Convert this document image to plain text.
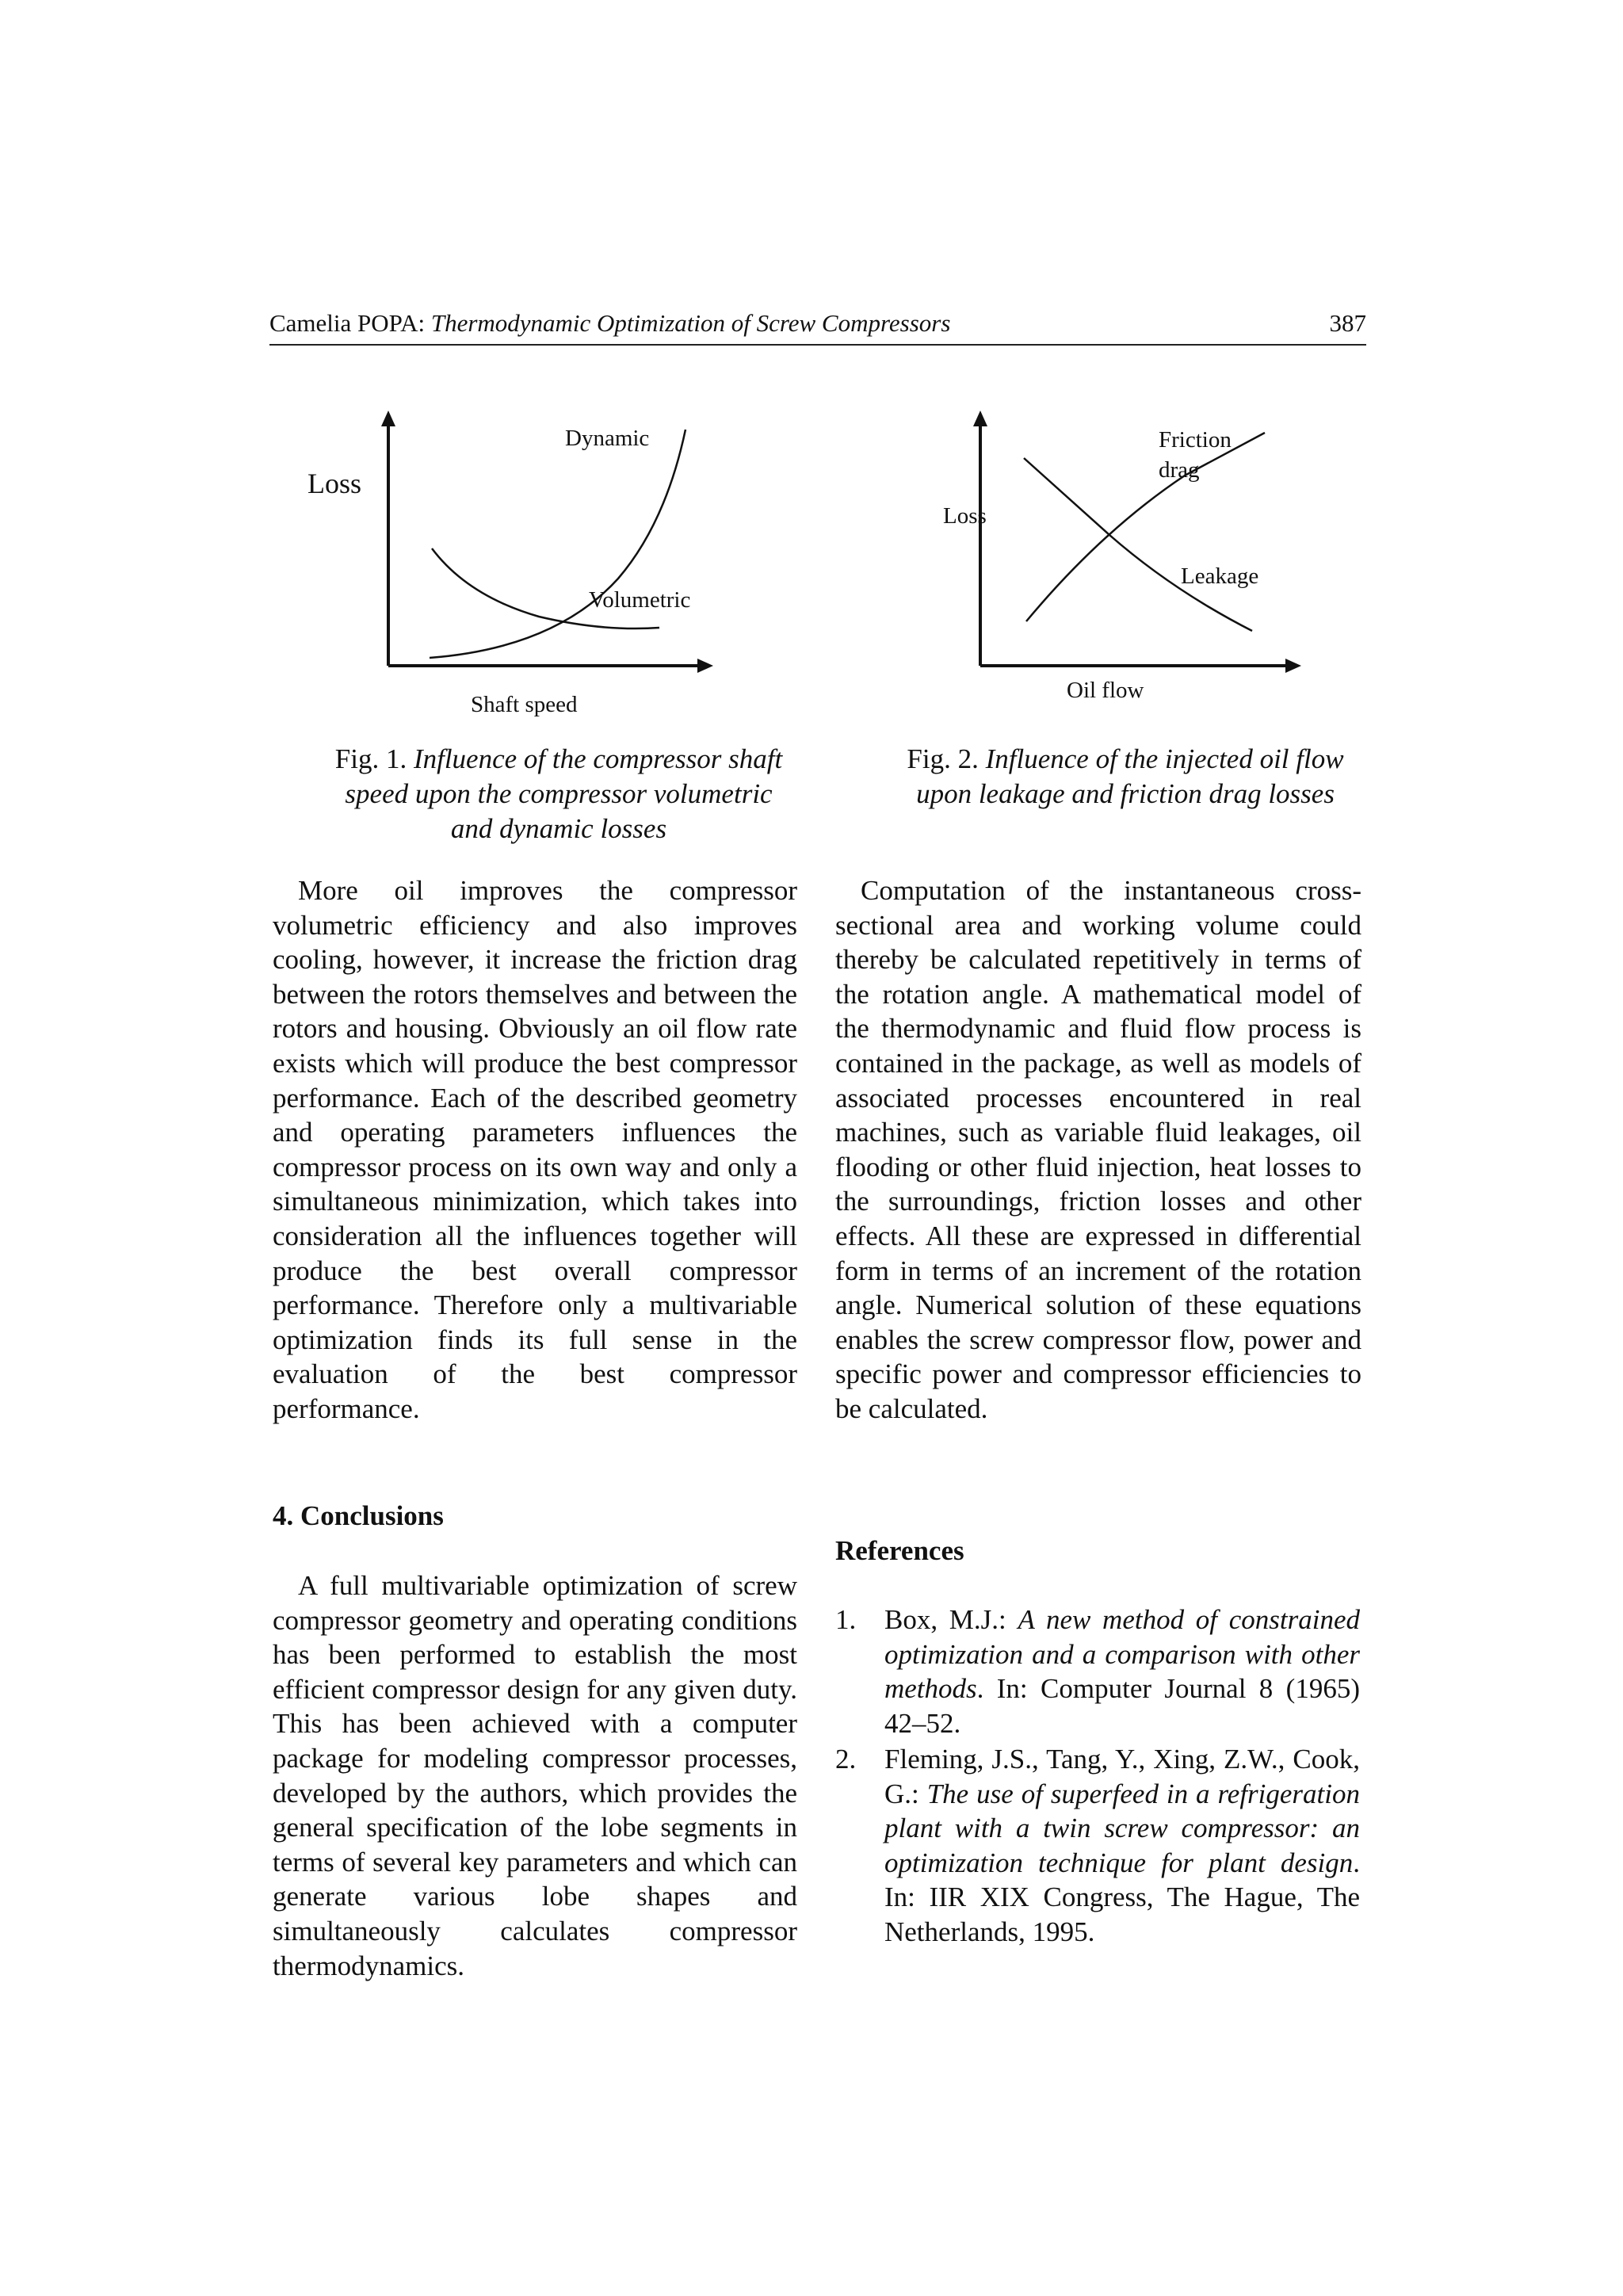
Camelia POPA: Thermodynamic Optimization of Screw Compressors	387
Loss
Dynamic
Volumetric
Shaft speed
Fig. 1. Influence of the compressor shaft
speed upon the compressor volumetric
and dynamic losses
Loss
Friction
drag
Leakage
Oil flow
Fig. 2. Influence of the injected oil flow
upon leakage and friction drag losses

More oil improves the compressor volumetric efficiency and also improves cooling, however, it increase the friction drag between the rotors themselves and between the rotors and housing. Obviously an oil flow rate exists which will produce the best compressor performance. Each of the described geometry and operating parameters influences the compressor process on its own way and only a simultaneous minimization, which takes into consideration all the influences together will produce the best overall compressor performance. Therefore only a multivariable optimization finds its full sense in the evaluation of the best compressor performance.

4. Conclusions

A full multivariable optimization of screw compressor geometry and operating conditions has been performed to establish the most efficient compressor design for any given duty. This has been achieved with a computer package for modeling compressor processes, developed by the authors, which provides the general specification of the lobe segments in terms of several key parameters and which can generate various lobe shapes and simultaneously calculates compressor thermodynamics.

Computation of the instantaneous cross-sectional area and working volume could thereby be calculated repetitively in terms of the rotation angle. A mathematical model of the thermodynamic and fluid flow process is contained in the package, as well as models of associated processes encountered in real machines, such as variable fluid leakages, oil flooding or other fluid injection, heat losses to the surroundings, friction losses and other effects. All these are expressed in differential form in terms of an increment of the rotation angle. Numerical solution of these equations enables the screw compressor flow, power and specific power and compressor efficiencies to be calculated.

References
1. Box, M.J.: A new method of constrained optimization and a comparison with other methods. In: Computer Journal 8 (1965) 42–52.
2. Fleming, J.S., Tang, Y., Xing, Z.W., Cook, G.: The use of superfeed in a refrigeration plant with a twin screw compressor: an optimization technique for plant design. In: IIR XIX Congress, The Hague, The Netherlands, 1995.
